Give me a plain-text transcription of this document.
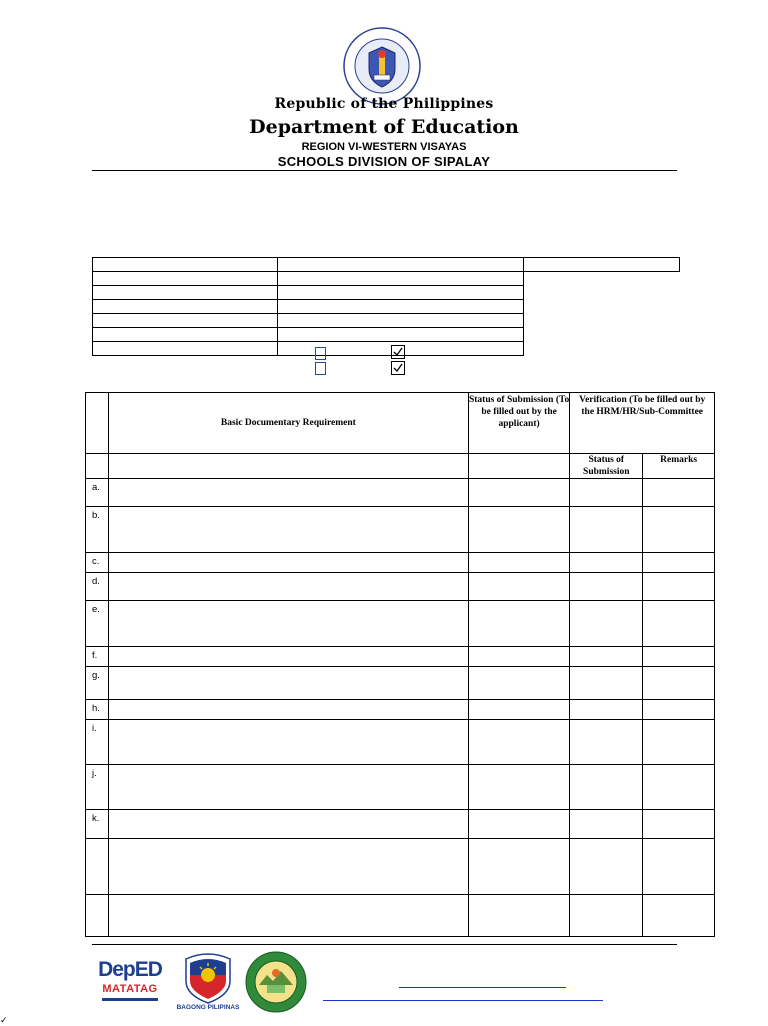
Republic of the Philippines
Department of Education
REGION VI-WESTERN VISAYAS
SCHOOLS DIVISION OF SIPALAY

	Basic Documentary Requirement	Status of Submission (To be filled out by the applicant)	Verification (To be filled out by the HRM/HR/Sub-Committee	
			Status of Submission	Remarks
a.				
b.				
c.				
d.				
e.				
f.				
g.				
h.				
i.				
j.				
k.				

DepED
MATATAG
BAGONG PILIPINAS
✓
